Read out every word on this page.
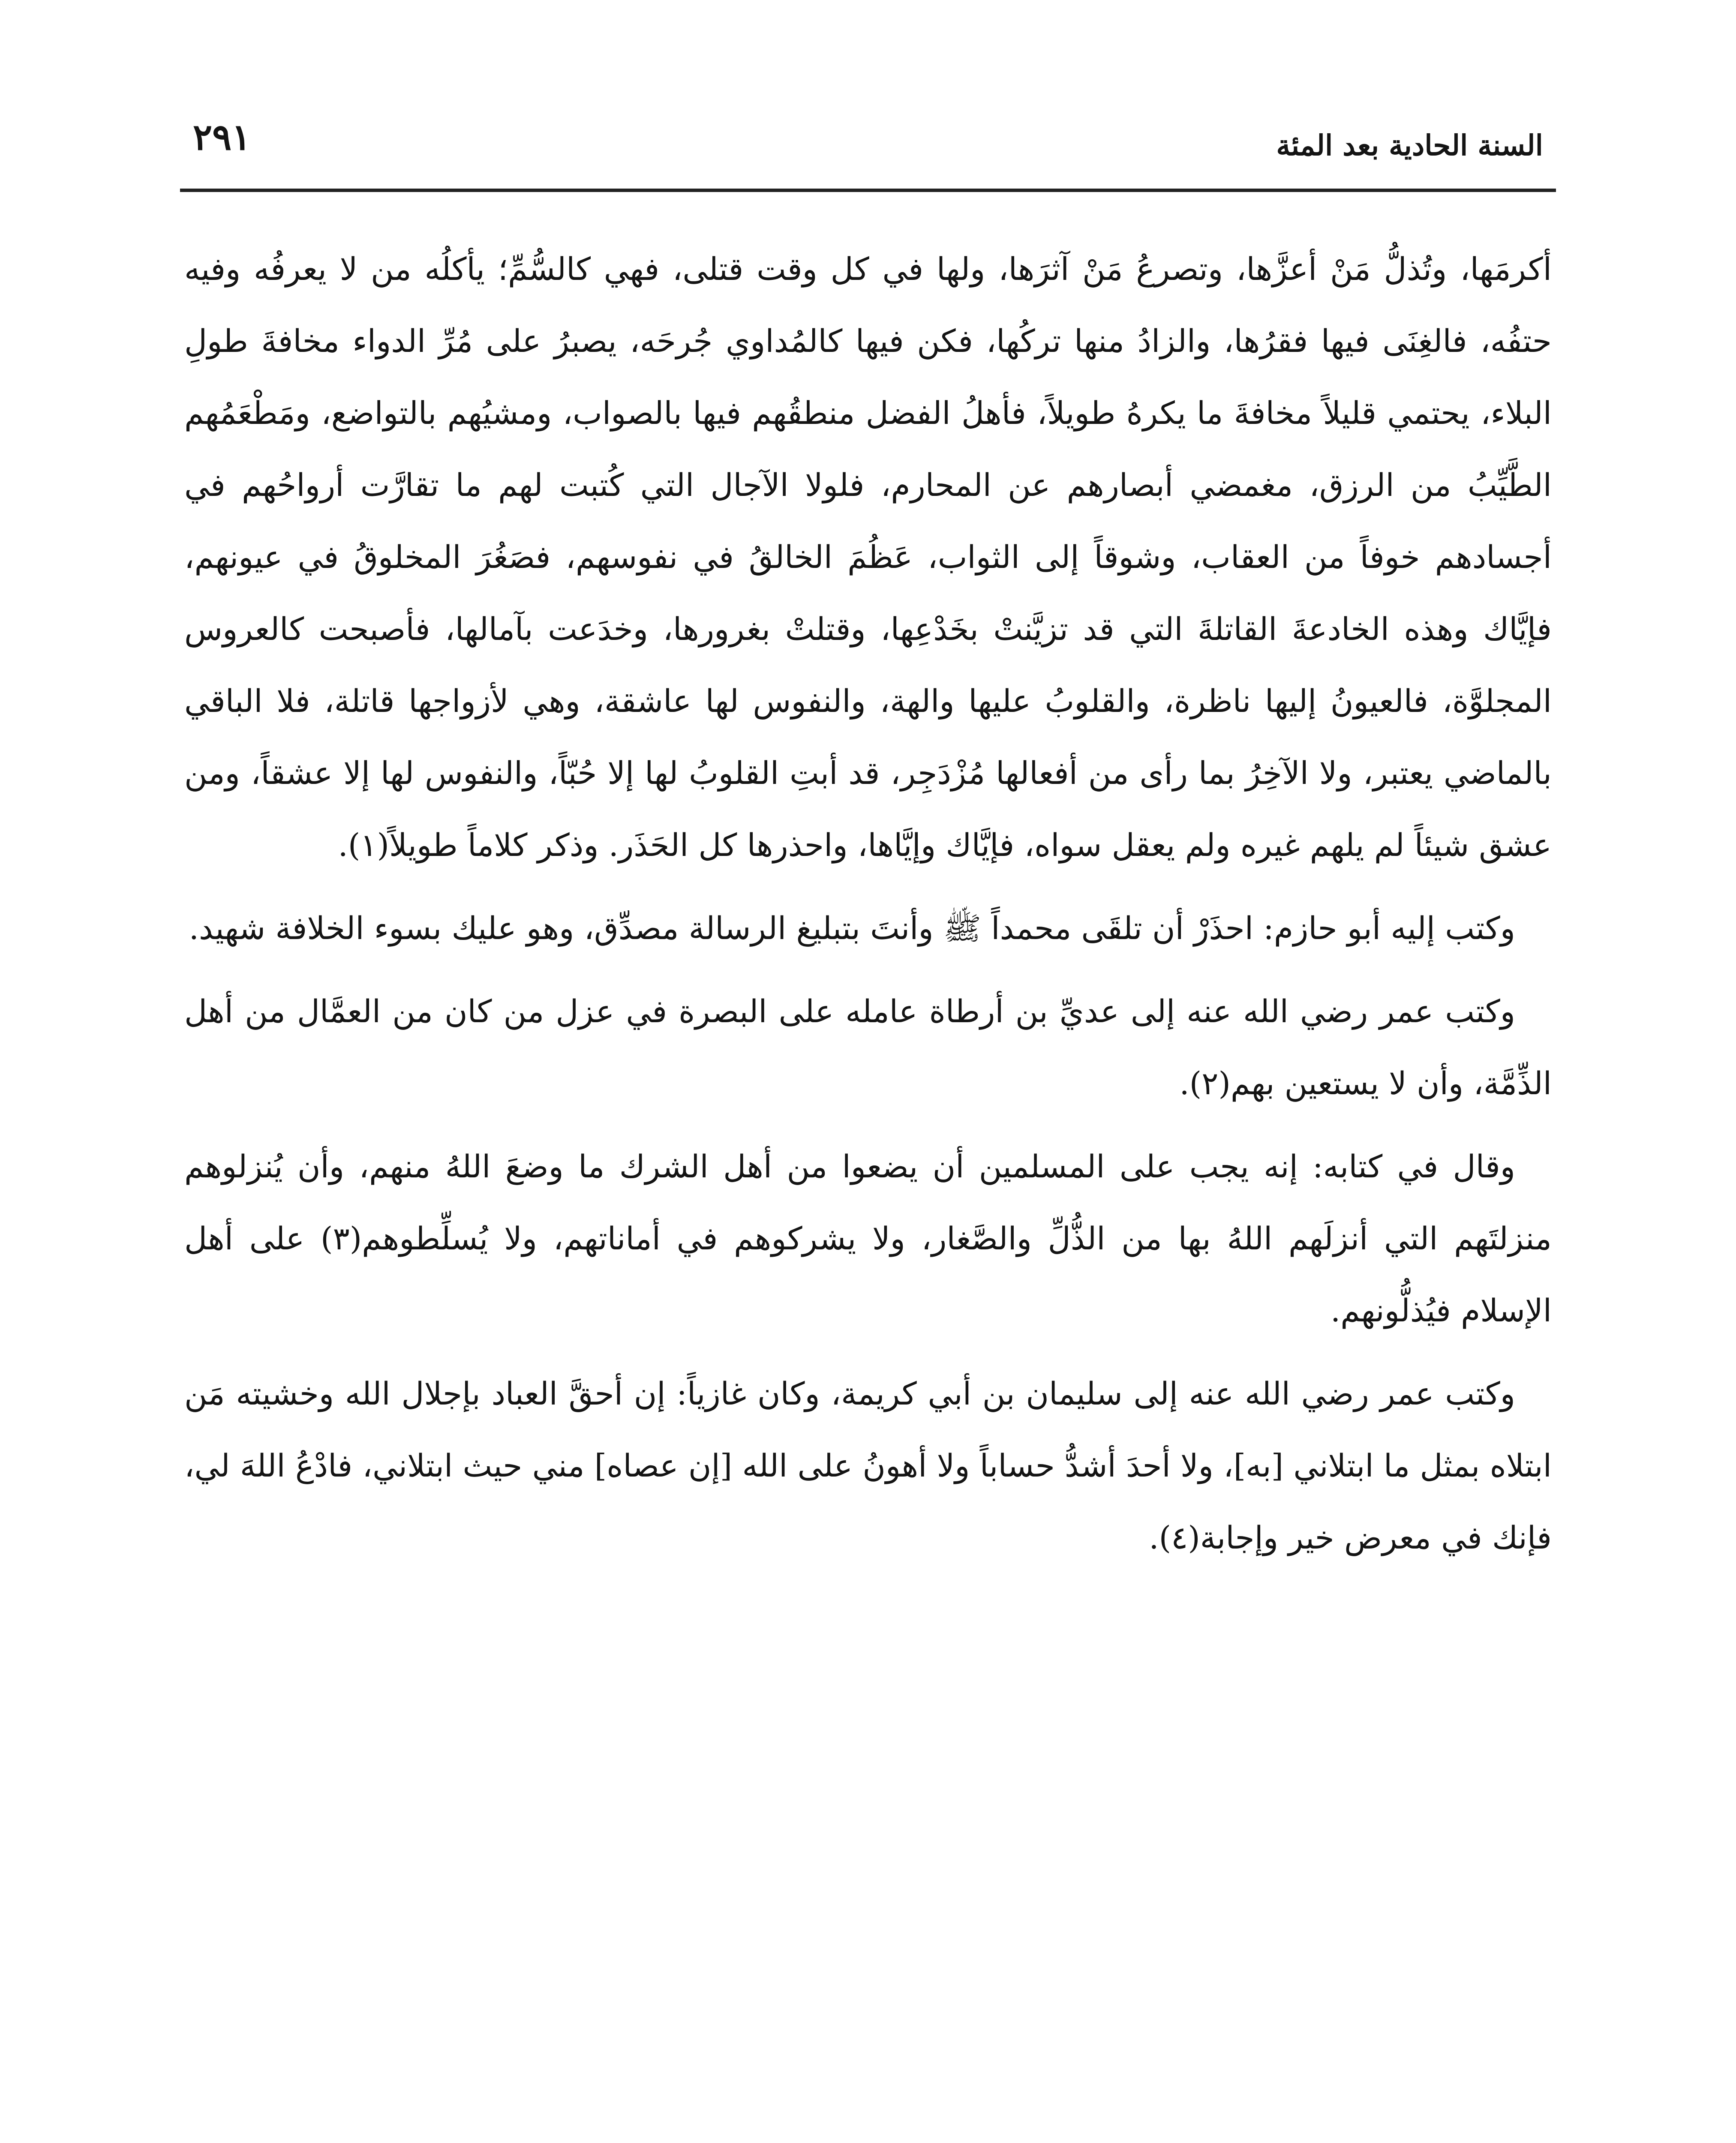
السنة الحادية بعد المئة
٢٩١

أكرمَها، وتُذلُّ مَنْ أعزَّها، وتصرعُ مَنْ آثرَها، ولها في كل وقت قتلى، فهي كالسُّمِّ؛ يأكلُه من لا يعرفُه وفيه حتفُه، فالغِنَى فيها فقرُها، والزادُ منها تركُها، فكن فيها كالمُداوي جُرحَه، يصبرُ على مُرِّ الدواء مخافةَ طولِ البلاء، يحتمي قليلاً مخافةَ ما يكرهُ طويلاً، فأهلُ الفضل منطقُهم فيها بالصواب، ومشيُهم بالتواضع، ومَطْعَمُهم الطَّيِّبُ من الرزق، مغمضي أبصارهم عن المحارم، فلولا الآجال التي كُتبت لهم ما تقارَّت أرواحُهم في أجسادهم خوفاً من العقاب، وشوقاً إلى الثواب، عَظُمَ الخالقُ في نفوسهم، فصَغُرَ المخلوقُ في عيونهم، فإيَّاك وهذه الخادعةَ القاتلةَ التي قد تزيَّنتْ بخَدْعِها، وقتلتْ بغرورها، وخدَعت بآمالها، فأصبحت كالعروس المجلوَّة، فالعيونُ إليها ناظرة، والقلوبُ عليها والهة، والنفوس لها عاشقة، وهي لأزواجها قاتلة، فلا الباقي بالماضي يعتبر، ولا الآخِرُ بما رأى من أفعالها مُزْدَجِر، قد أبتِ القلوبُ لها إلا حُبّاً، والنفوس لها إلا عشقاً، ومن عشق شيئاً لم يلهم غيره ولم يعقل سواه، فإيَّاك وإيَّاها، واحذرها كل الحَذَر. وذكر كلاماً طويلاً(١).

وكتب إليه أبو حازم: احذَرْ أن تلقَى محمداً ﷺ وأنتَ بتبليغ الرسالة مصدِّق، وهو عليك بسوء الخلافة شهيد.

وكتب عمر رضي الله عنه إلى عديِّ بن أرطاة عامله على البصرة في عزل من كان من العمَّال من أهل الذِّمَّة، وأن لا يستعين بهم(٢).

وقال في كتابه: إنه يجب على المسلمين أن يضعوا من أهل الشرك ما وضعَ اللهُ منهم، وأن يُنزلوهم منزلتَهم التي أنزلَهم اللهُ بها من الذُّلِّ والصَّغار، ولا يشركوهم في أماناتهم، ولا يُسلِّطوهم(٣) على أهل الإسلام فيُذلُّونهم.

وكتب عمر رضي الله عنه إلى سليمان بن أبي كريمة، وكان غازياً: إن أحقَّ العباد بإجلال الله وخشيته مَن ابتلاه بمثل ما ابتلاني [به]، ولا أحدَ أشدُّ حساباً ولا أهونُ على الله [إن عصاه] مني حيث ابتلاني، فادْعُ اللهَ لي، فإنك في معرض خير وإجابة(٤).
